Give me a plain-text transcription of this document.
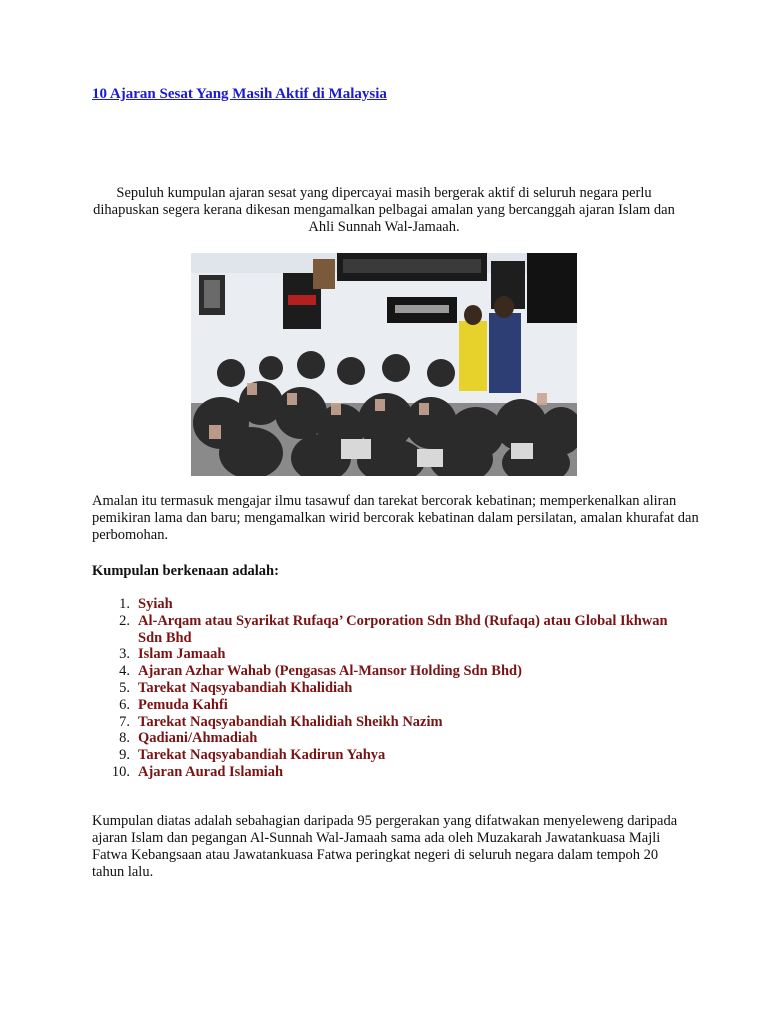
10 Ajaran Sesat Yang Masih Aktif di Malaysia
Sepuluh kumpulan ajaran sesat yang dipercayai masih bergerak aktif di seluruh negara perlu dihapuskan segera kerana dikesan mengamalkan pelbagai amalan yang bercanggah ajaran Islam dan Ahli Sunnah Wal-Jamaah.
Amalan itu termasuk mengajar ilmu tasawuf dan tarekat bercorak kebatinan; memperkenalkan aliran pemikiran lama dan baru; mengamalkan wirid bercorak kebatinan dalam persilatan, amalan khurafat dan perbomohan.
Kumpulan berkenaan adalah:
1. Syiah
2. Al-Arqam atau Syarikat Rufaqa’ Corporation Sdn Bhd (Rufaqa) atau Global Ikhwan Sdn Bhd
3. Islam Jamaah
4. Ajaran Azhar Wahab (Pengasas Al-Mansor Holding Sdn Bhd)
5. Tarekat Naqsyabandiah Khalidiah
6. Pemuda Kahfi
7. Tarekat Naqsyabandiah Khalidiah Sheikh Nazim
8. Qadiani/Ahmadiah
9. Tarekat Naqsyabandiah Kadirun Yahya
10. Ajaran Aurad Islamiah
Kumpulan diatas adalah sebahagian daripada 95 pergerakan yang difatwakan menyeleweng daripada ajaran Islam dan pegangan Al-Sunnah Wal-Jamaah sama ada oleh Muzakarah Jawatankuasa Majli Fatwa Kebangsaan atau Jawatankuasa Fatwa peringkat negeri di seluruh negara dalam tempoh 20 tahun lalu.
